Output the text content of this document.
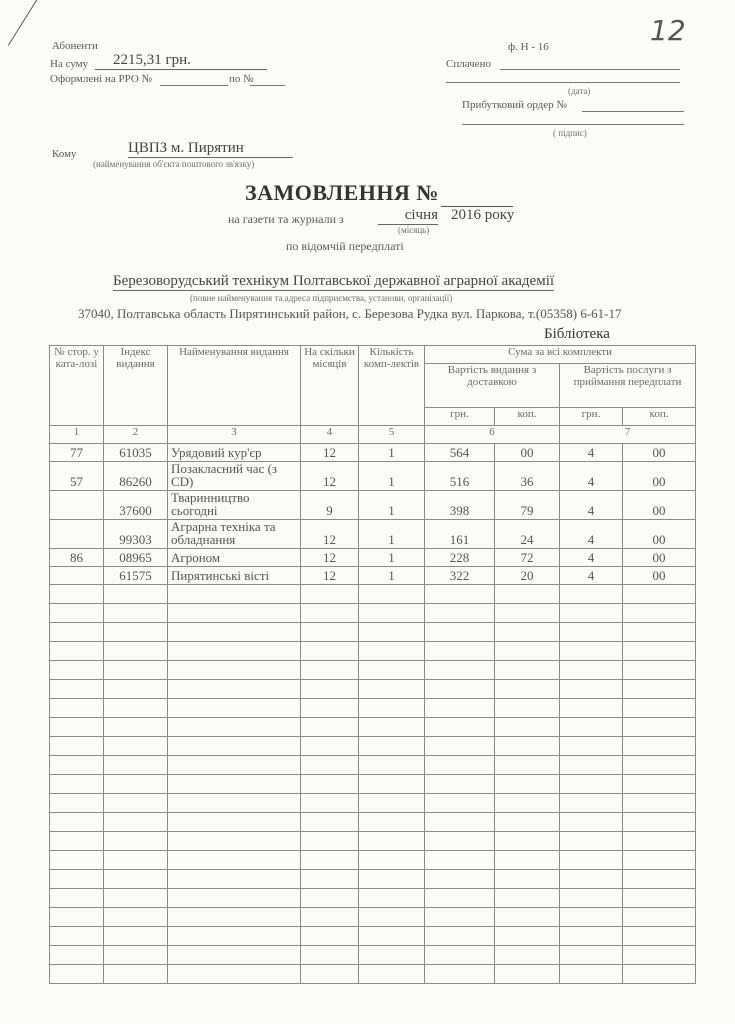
12
Абоненти
На суму	2215,31 грн.
Оформлені на РРО №	по №
ф. Н - 16
Сплачено
(дата)
Прибутковий ордер №
( підпис)
Кому	ЦВПЗ м. Пирятин
(найменування об'єкта поштового зв'язку)
ЗАМОВЛЕННЯ №
на газети та журнали з	січня 2016 року
(місяць)
по відомчій передплаті
Березоворудський технікум Полтавської державної аграрної академії
(повне найменування та адреса підприємства, установи, організації)
37040, Полтавська область Пирятинський район, с. Березова Рудка вул. Паркова, т.(05358) 6-61-17
Бібліотека
№ стор. у ката-лозі	Індекс видання	Найменування видання	На скільки місяців	Кількість комп-лектів	Сума за всі комплекти			
					Вартість видання з доставкою		Вартість послуги з приймання передплати	
					грн.	коп.	грн.	коп.
1	2	3	4	5	6		7	
77	61035	Урядовий кур'єр	12	1	564	00	4	00
57	86260	Позакласний час (з CD)	12	1	516	36	4	00
	37600	Тваринництво сьогодні	9	1	398	79	4	00
	99303	Аграрна техніка та обладнання	12	1	161	24	4	00
86	08965	Агроном	12	1	228	72	4	00
	61575	Пирятинські вісті	12	1	322	20	4	00
